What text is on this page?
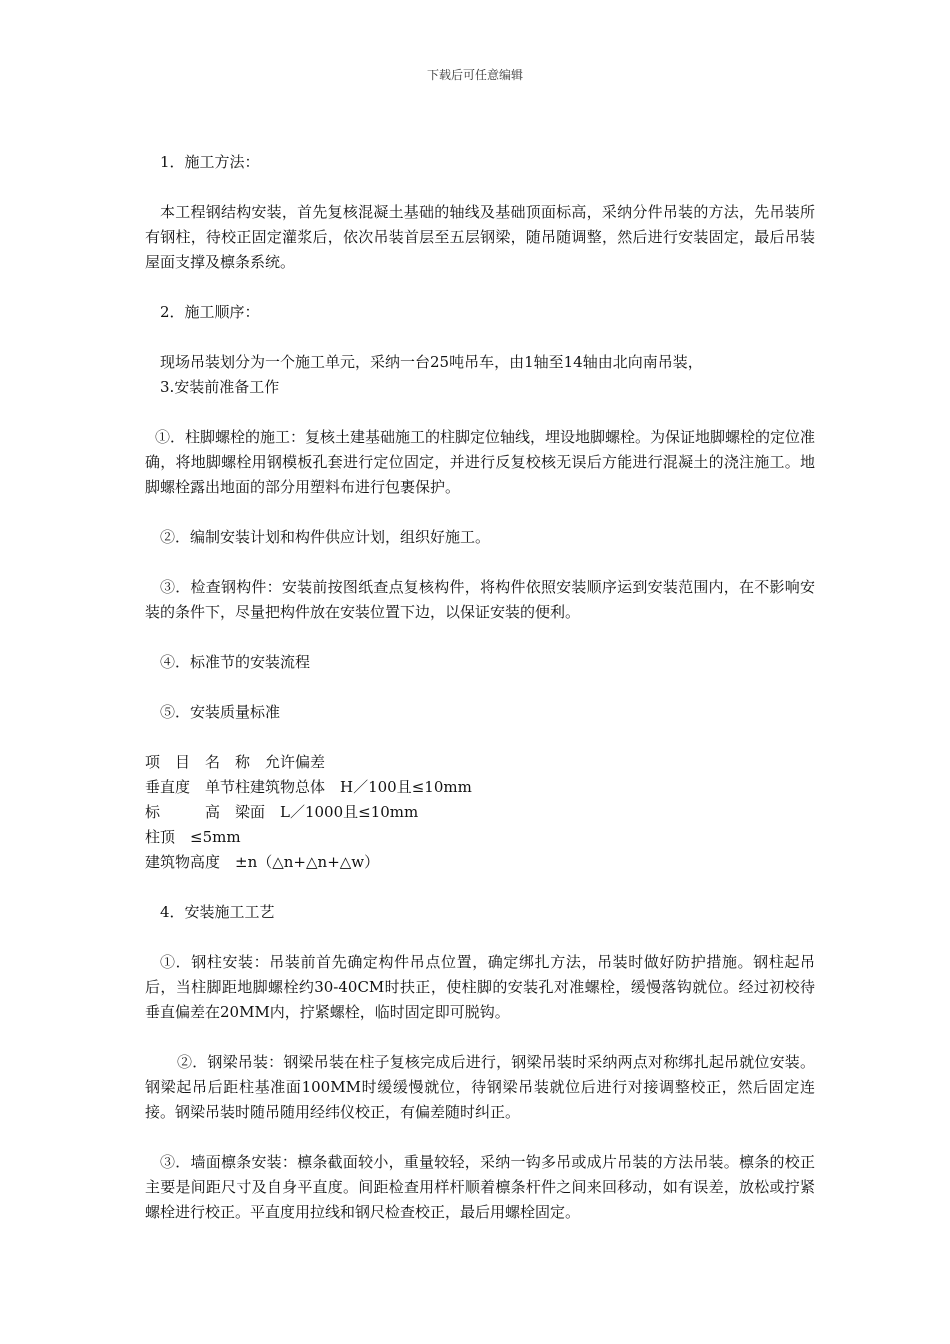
下载后可任意编辑

1．施工方法：

本工程钢结构安装，首先复核混凝土基础的轴线及基础顶面标高，采纳分件吊装的方法，先吊装所有钢柱，待校正固定灌浆后，依次吊装首层至五层钢梁，随吊随调整，然后进行安装固定，最后吊装屋面支撑及檩条系统。

2．施工顺序：

现场吊装划分为一个施工单元，采纳一台25吨吊车，由1轴至14轴由北向南吊装，

3.安装前准备工作

①．柱脚螺栓的施工：复核土建基础施工的柱脚定位轴线，埋设地脚螺栓。为保证地脚螺栓的定位准确，将地脚螺栓用钢模板孔套进行定位固定，并进行反复校核无误后方能进行混凝土的浇注施工。地脚螺栓露出地面的部分用塑料布进行包裹保护。

②．编制安装计划和构件供应计划，组织好施工。

③．检查钢构件：安装前按图纸查点复核构件，将构件依照安装顺序运到安装范围内，在不影响安装的条件下，尽量把构件放在安装位置下边，以保证安装的便利。

④．标准节的安装流程

⑤．安装质量标准

项　目　名　称　允许偏差

垂直度　单节柱建筑物总体　H／100且≤10mm

标　　　高　梁面　L／1000且≤10mm

柱顶　≤5mm

建筑物高度　±n（△n+△n+△w）

4．安装施工工艺

①．钢柱安装：吊装前首先确定构件吊点位置，确定绑扎方法，吊装时做好防护措施。钢柱起吊后，当柱脚距地脚螺栓约30-40CM时扶正，使柱脚的安装孔对准螺栓，缓慢落钩就位。经过初校待垂直偏差在20MM内，拧紧螺栓，临时固定即可脱钩。

②．钢梁吊装：钢梁吊装在柱子复核完成后进行，钢梁吊装时采纳两点对称绑扎起吊就位安装。钢梁起吊后距柱基准面100MM时缓缓慢就位，待钢梁吊装就位后进行对接调整校正，然后固定连接。钢梁吊装时随吊随用经纬仪校正，有偏差随时纠正。

③．墙面檩条安装：檩条截面较小，重量较轻，采纳一钩多吊或成片吊装的方法吊装。檩条的校正主要是间距尺寸及自身平直度。间距检查用样杆顺着檩条杆件之间来回移动，如有误差，放松或拧紧螺栓进行校正。平直度用拉线和钢尺检查校正，最后用螺栓固定。
